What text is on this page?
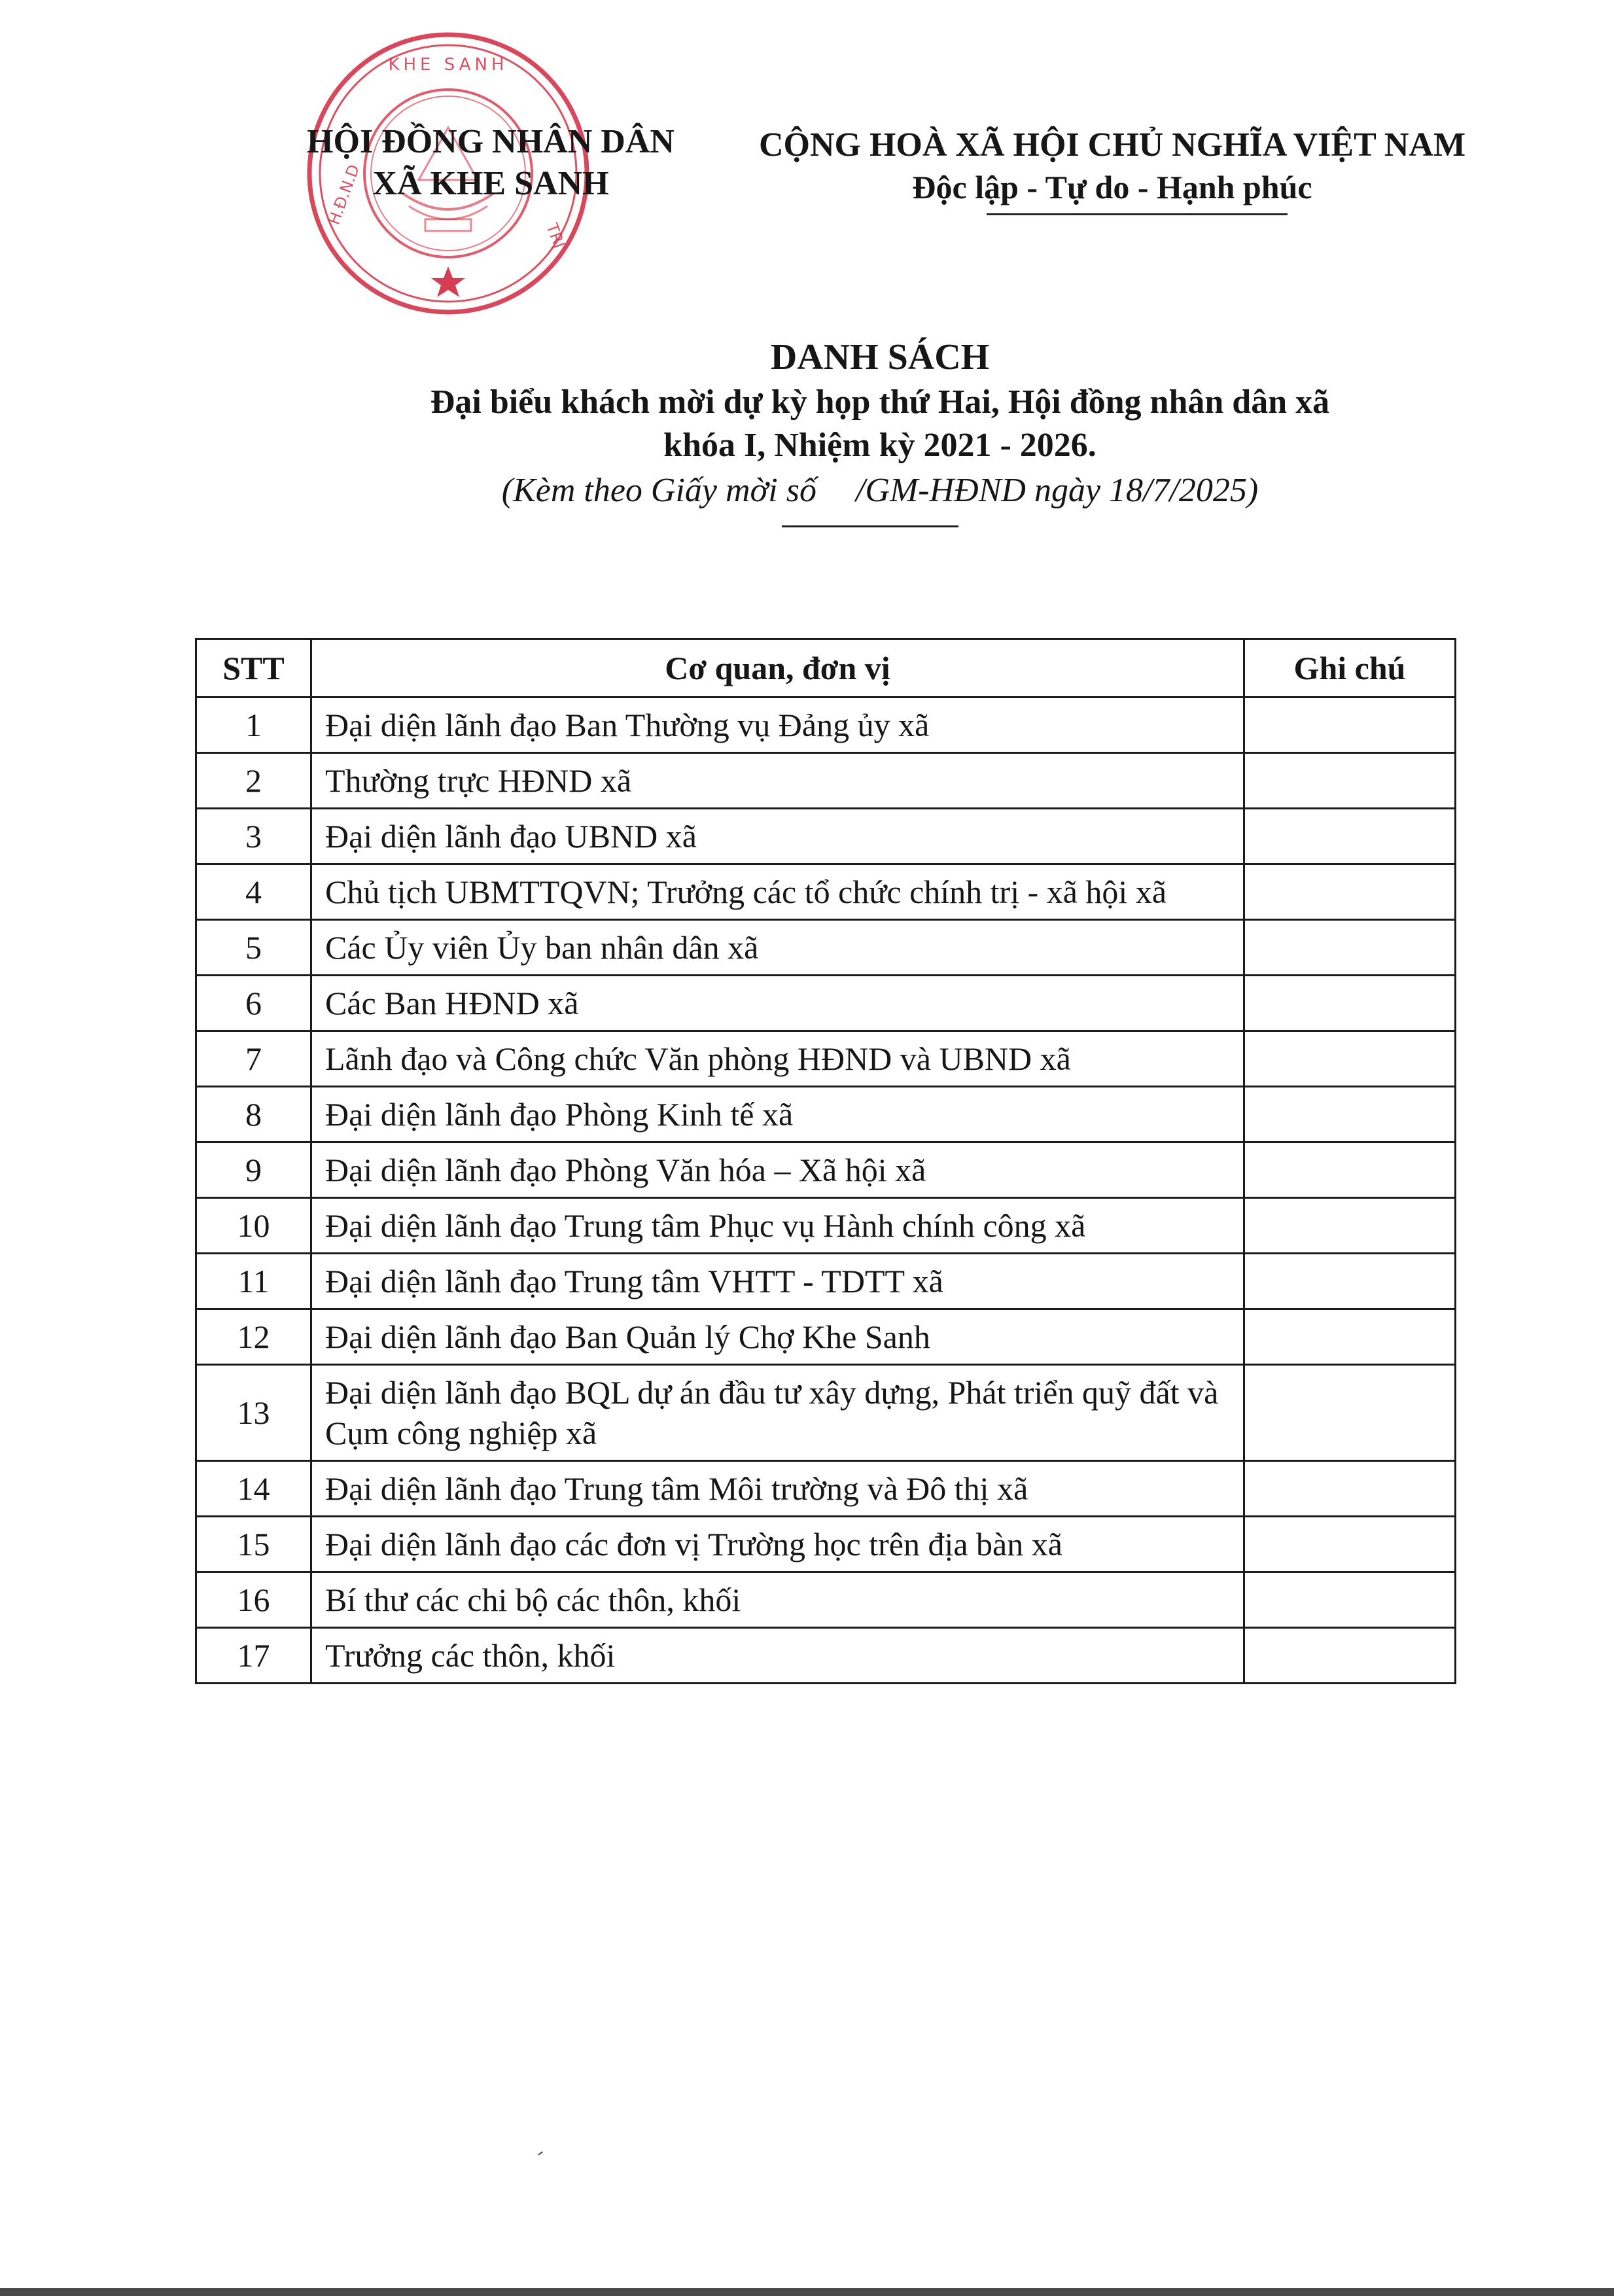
KHE SANH
H.Đ.N.D
TRỊ
HỘI ĐỒNG NHÂN DÂN
XÃ KHE SANH
CỘNG HOÀ XÃ HỘI CHỦ NGHĨA VIỆT NAM
Độc lập - Tự do - Hạnh phúc
DANH SÁCH
Đại biểu khách mời dự kỳ họp thứ Hai, Hội đồng nhân dân xã
khóa I, Nhiệm kỳ 2021 - 2026.
(Kèm theo Giấy mời số /GM-HĐND ngày 18/7/2025)
STT	Cơ quan, đơn vị	Ghi chú
1	Đại diện lãnh đạo Ban Thường vụ Đảng ủy xã	
2	Thường trực HĐND xã	
3	Đại diện lãnh đạo UBND xã	
4	Chủ tịch UBMTTQVN; Trưởng các tổ chức chính trị - xã hội xã	
5	Các Ủy viên Ủy ban nhân dân xã	
6	Các Ban HĐND xã	
7	Lãnh đạo và Công chức Văn phòng HĐND và UBND xã	
8	Đại diện lãnh đạo Phòng Kinh tế xã	
9	Đại diện lãnh đạo Phòng Văn hóa – Xã hội xã	
10	Đại diện lãnh đạo Trung tâm Phục vụ Hành chính công xã	
11	Đại diện lãnh đạo Trung tâm VHTT - TDTT xã	
12	Đại diện lãnh đạo Ban Quản lý Chợ Khe Sanh	
13	Đại diện lãnh đạo BQL dự án đầu tư xây dựng, Phát triển quỹ đất và Cụm công nghiệp xã	
14	Đại diện lãnh đạo Trung tâm Môi trường và Đô thị xã	
15	Đại diện lãnh đạo các đơn vị Trường học trên địa bàn xã	
16	Bí thư các chi bộ các thôn, khối	
17	Trưởng các thôn, khối	
